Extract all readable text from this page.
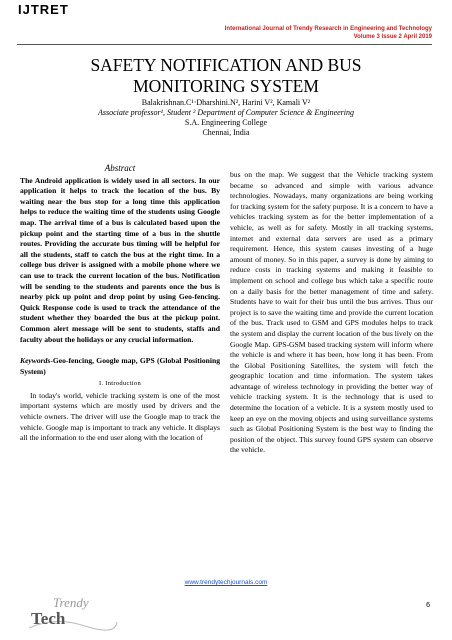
IJTRET
International Journal of Trendy Research in Engineering and Technology
Volume 3 Issue 2 April 2019
SAFETY NOTIFICATION AND BUS
MONITORING SYSTEM
Balakrishnan.C¹·Dharshini.N², Harini V², Kamali V²
Associate professor¹, Student ² Department of Computer Science & Engineering
S.A. Engineering College
Chennai, India
Abstract
The Android application is widely used in all sectors. In our application it helps to track the location of the bus. By waiting near the bus stop for a long time this application helps to reduce the waiting time of the students using Google map. The arrival time of a bus is calculated based upon the pickup point and the starting time of a bus in the shuttle routes. Providing the accurate bus timing will be helpful for all the students, staff to catch the bus at the right time. In a college bus driver is assigned with a mobile phone where we can use to track the current location of the bus. Notification will be sending to the students and parents once the bus is nearby pick up point and drop point by using Geo-fencing. Quick Response code is used to track the attendance of the student whether they boarded the bus at the pickup point. Common alert message will be sent to students, staffs and faculty about the holidays or any crucial information.
Keywords-Geo-fencing, Google map, GPS (Global Positioning System)
I. Introduction
In today's world, vehicle tracking system is one of the most important systems which are mostly used by drivers and the vehicle owners. The driver will use the Google map to track the vehicle. Google map is important to track any vehicle. It displays all the information to the end user along with the location of
bus on the map. We suggest that the Vehicle tracking system became so advanced and simple with various advance technologies. Nowadays, many organizations are being working for tracking system for the safety purpose. It is a concern to have a vehicles tracking system as for the better implementation of a vehicle, as well as for safety. Mostly in all tracking systems, internet and external data servers are used as a primary requirement. Hence, this system causes investing of a huge amount of money. So in this paper, a survey is done by aiming to reduce costs in tracking systems and making it feasible to implement on school and college bus which take a specific route on a daily basis for the better management of time and safety. Students have to wait for their bus until the bus arrives. Thus our project is to save the waiting time and provide the current location of the bus. Track used to GSM and GPS modules helps to track the system and display the current location of the bus lively on the Google Map. GPS-GSM based tracking system will inform where the vehicle is and where it has been, how long it has been. From the Global Positioning Satellites, the system will fetch the geographic location and time information. The system takes advantage of wireless technology in providing the better way of vehicle tracking system. It is the technology that is used to determine the location of a vehicle. It is a system mostly used to keep an eye on the moving objects and using surveillance systems such as Global Positioning System is the best way to finding the position of the object. This survey found GPS system can observe the vehicle.
www.trendytechjournals.com
Trendy
Tech
6
